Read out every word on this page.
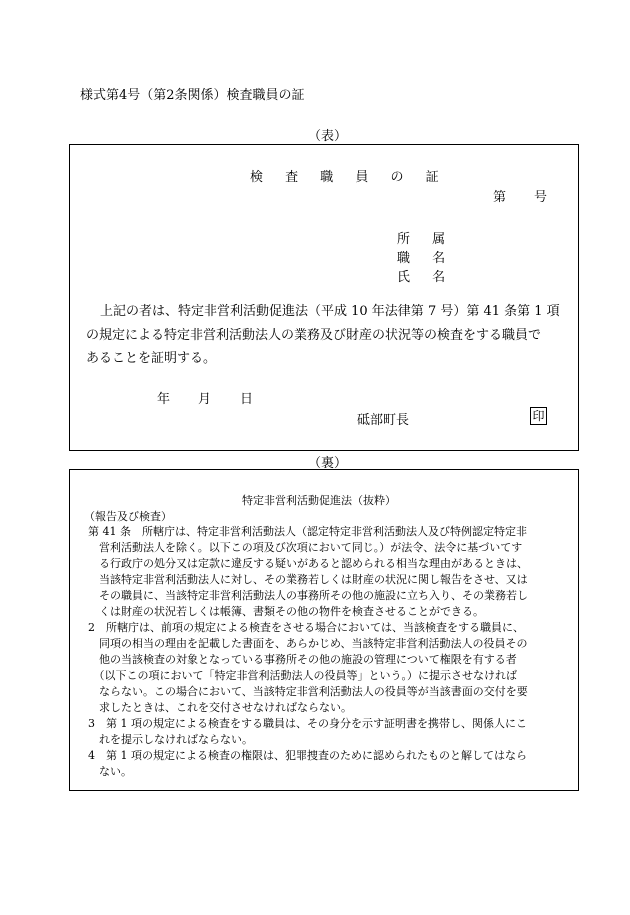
様式第4号（第2条関係）検査職員の証
（表）
検 査 職 員 の 証
第 号
所 属
職 名
氏 名
上記の者は、特定非営利活動促進法（平成 10 年法律第 7 号）第 41 条第 1 項
の規定による特定非営利活動法人の業務及び財産の状況等の検査をする職員で
あることを証明する。
年 月 日
砥部町長	印
（裏）
特定非営利活動促進法（抜粋）
（報告及び検査）
第 41 条　所轄庁は、特定非営利活動法人（認定特定非営利活動法人及び特例認定特定非
　営利活動法人を除く。以下この項及び次項において同じ。）が法令、法令に基づいてす
　る行政庁の処分又は定款に違反する疑いがあると認められる相当な理由があるときは、
　当該特定非営利活動法人に対し、その業務若しくは財産の状況に関し報告をさせ、又は
　その職員に、当該特定非営利活動法人の事務所その他の施設に立ち入り、その業務若し
　くは財産の状況若しくは帳簿、書類その他の物件を検査させることができる。
2　所轄庁は、前項の規定による検査をさせる場合においては、当該検査をする職員に、
　同項の相当の理由を記載した書面を、あらかじめ、当該特定非営利活動法人の役員その
　他の当該検査の対象となっている事務所その他の施設の管理について権限を有する者
　（以下この項において「特定非営利活動法人の役員等」という。）に提示させなければ
　ならない。この場合において、当該特定非営利活動法人の役員等が当該書面の交付を要
　求したときは、これを交付させなければならない。
3　第 1 項の規定による検査をする職員は、その身分を示す証明書を携帯し、関係人にこ
　れを提示しなければならない。
4　第 1 項の規定による検査の権限は、犯罪捜査のために認められたものと解してはなら
　ない。
